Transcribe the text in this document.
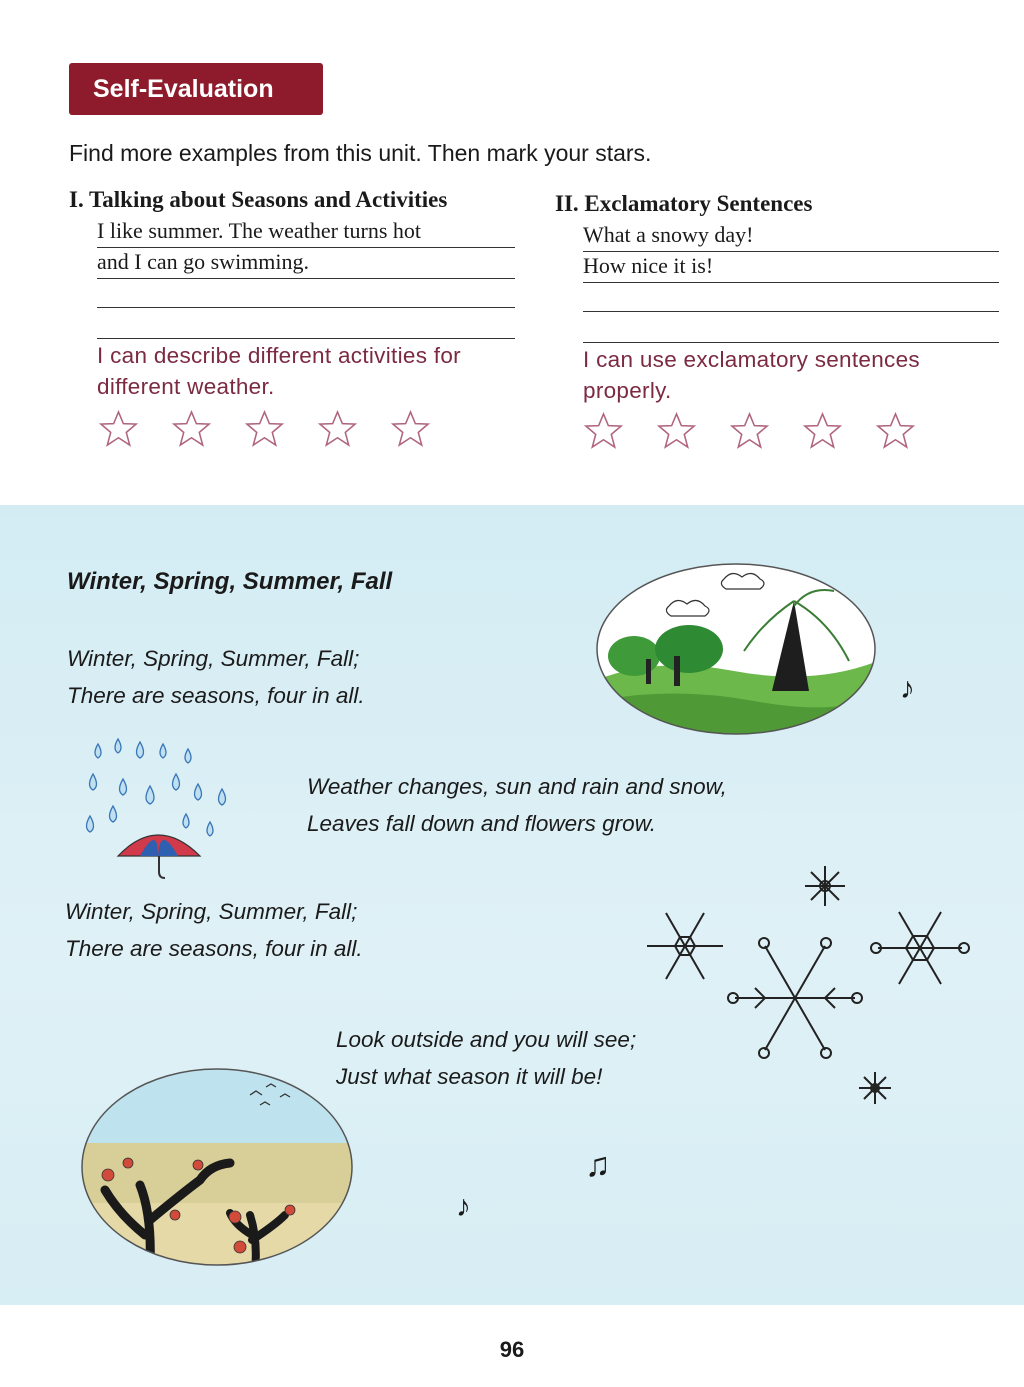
Self-Evaluation
Find more examples from this unit. Then mark your stars.
I. Talking about Seasons and Activities
I like summer. The weather turns hot
and I can go swimming.
I can describe different activities for
different weather.
II. Exclamatory Sentences
What a snowy day!
How nice it is!
I can use exclamatory sentences
properly.
Winter, Spring, Summer, Fall
Winter, Spring, Summer, Fall;
There are seasons, four in all.
Weather changes, sun and rain and snow,
Leaves fall down and flowers grow.
Winter, Spring, Summer, Fall;
There are seasons, four in all.
Look outside and you will see;
Just what season it will be!
♪
♫
♪
96
